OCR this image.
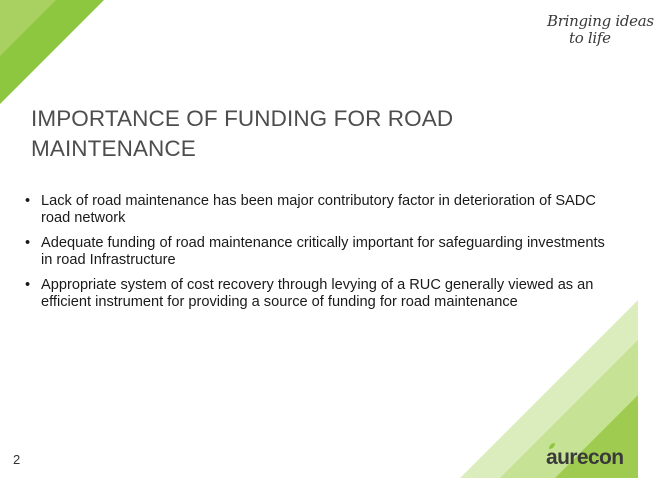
Bringing ideas
to life
IMPORTANCE OF FUNDING FOR ROAD MAINTENANCE
• Lack of road maintenance has been major contributory factor in deterioration of SADC road network
• Adequate funding of road maintenance critically important for safeguarding investments in road Infrastructure
• Appropriate system of cost recovery through levying of a RUC generally viewed as an efficient instrument for providing a source of funding for road maintenance
2	aurecon
